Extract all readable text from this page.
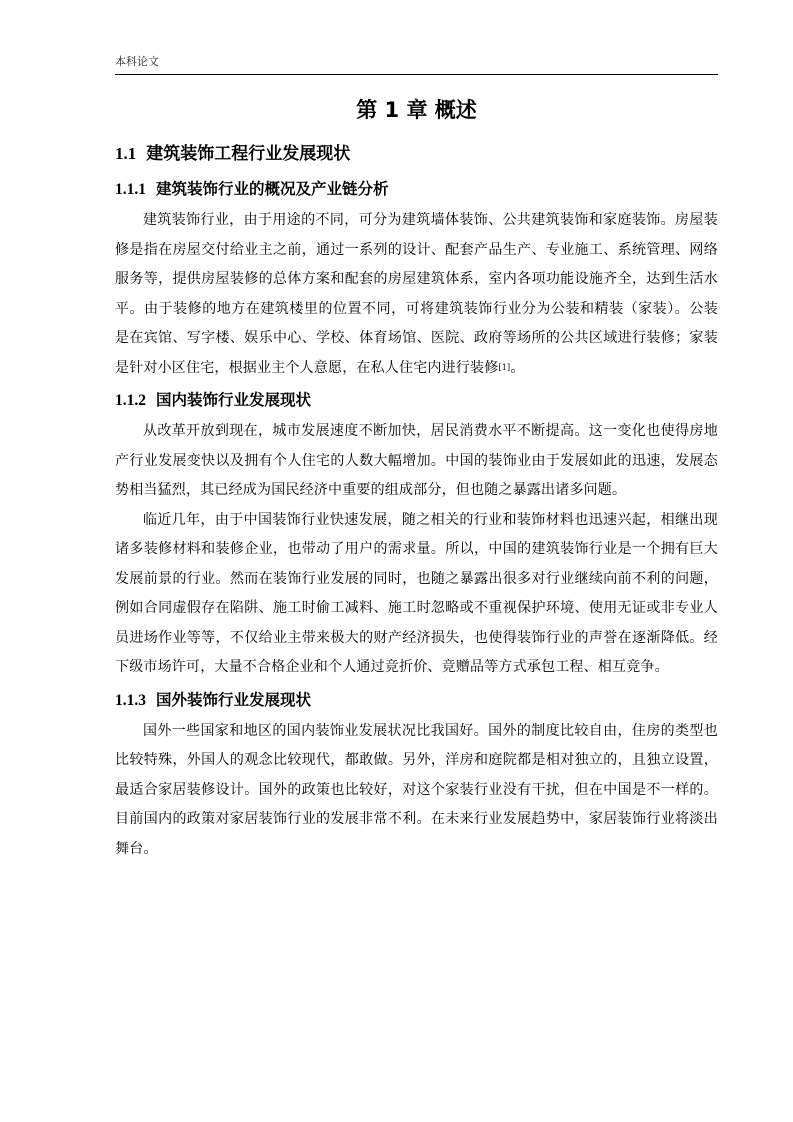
本科论文
第 1 章 概述
1.1 建筑装饰工程行业发展现状
1.1.1 建筑装饰行业的概况及产业链分析

建筑装饰行业，由于用途的不同，可分为建筑墙体装饰、公共建筑装饰和家庭装饰。房屋装修是指在房屋交付给业主之前，通过一系列的设计、配套产品生产、专业施工、系统管理、网络服务等，提供房屋装修的总体方案和配套的房屋建筑体系，室内各项功能设施齐全，达到生活水平。由于装修的地方在建筑楼里的位置不同，可将建筑装饰行业分为公装和精装（家装）。公装是在宾馆、写字楼、娱乐中心、学校、体育场馆、医院、政府等场所的公共区域进行装修；家装是针对小区住宅，根据业主个人意愿，在私人住宅内进行装修[1]。

1.1.2 国内装饰行业发展现状

从改革开放到现在，城市发展速度不断加快，居民消费水平不断提高。这一变化也使得房地产行业发展变快以及拥有个人住宅的人数大幅增加。中国的装饰业由于发展如此的迅速，发展态势相当猛烈，其已经成为国民经济中重要的组成部分，但也随之暴露出诸多问题。

临近几年，由于中国装饰行业快速发展，随之相关的行业和装饰材料也迅速兴起，相继出现诸多装修材料和装修企业，也带动了用户的需求量。所以，中国的建筑装饰行业是一个拥有巨大发展前景的行业。然而在装饰行业发展的同时，也随之暴露出很多对行业继续向前不利的问题，例如合同虚假存在陷阱、施工时偷工减料、施工时忽略或不重视保护环境、使用无证或非专业人员进场作业等等，不仅给业主带来极大的财产经济损失，也使得装饰行业的声誉在逐渐降低。经下级市场许可，大量不合格企业和个人通过竞折价、竞赠品等方式承包工程、相互竞争。

1.1.3 国外装饰行业发展现状

国外一些国家和地区的国内装饰业发展状况比我国好。国外的制度比较自由，住房的类型也比较特殊，外国人的观念比较现代，都敢做。另外，洋房和庭院都是相对独立的，且独立设置，最适合家居装修设计。国外的政策也比较好，对这个家装行业没有干扰，但在中国是不一样的。目前国内的政策对家居装饰行业的发展非常不利。在未来行业发展趋势中，家居装饰行业将淡出舞台。
